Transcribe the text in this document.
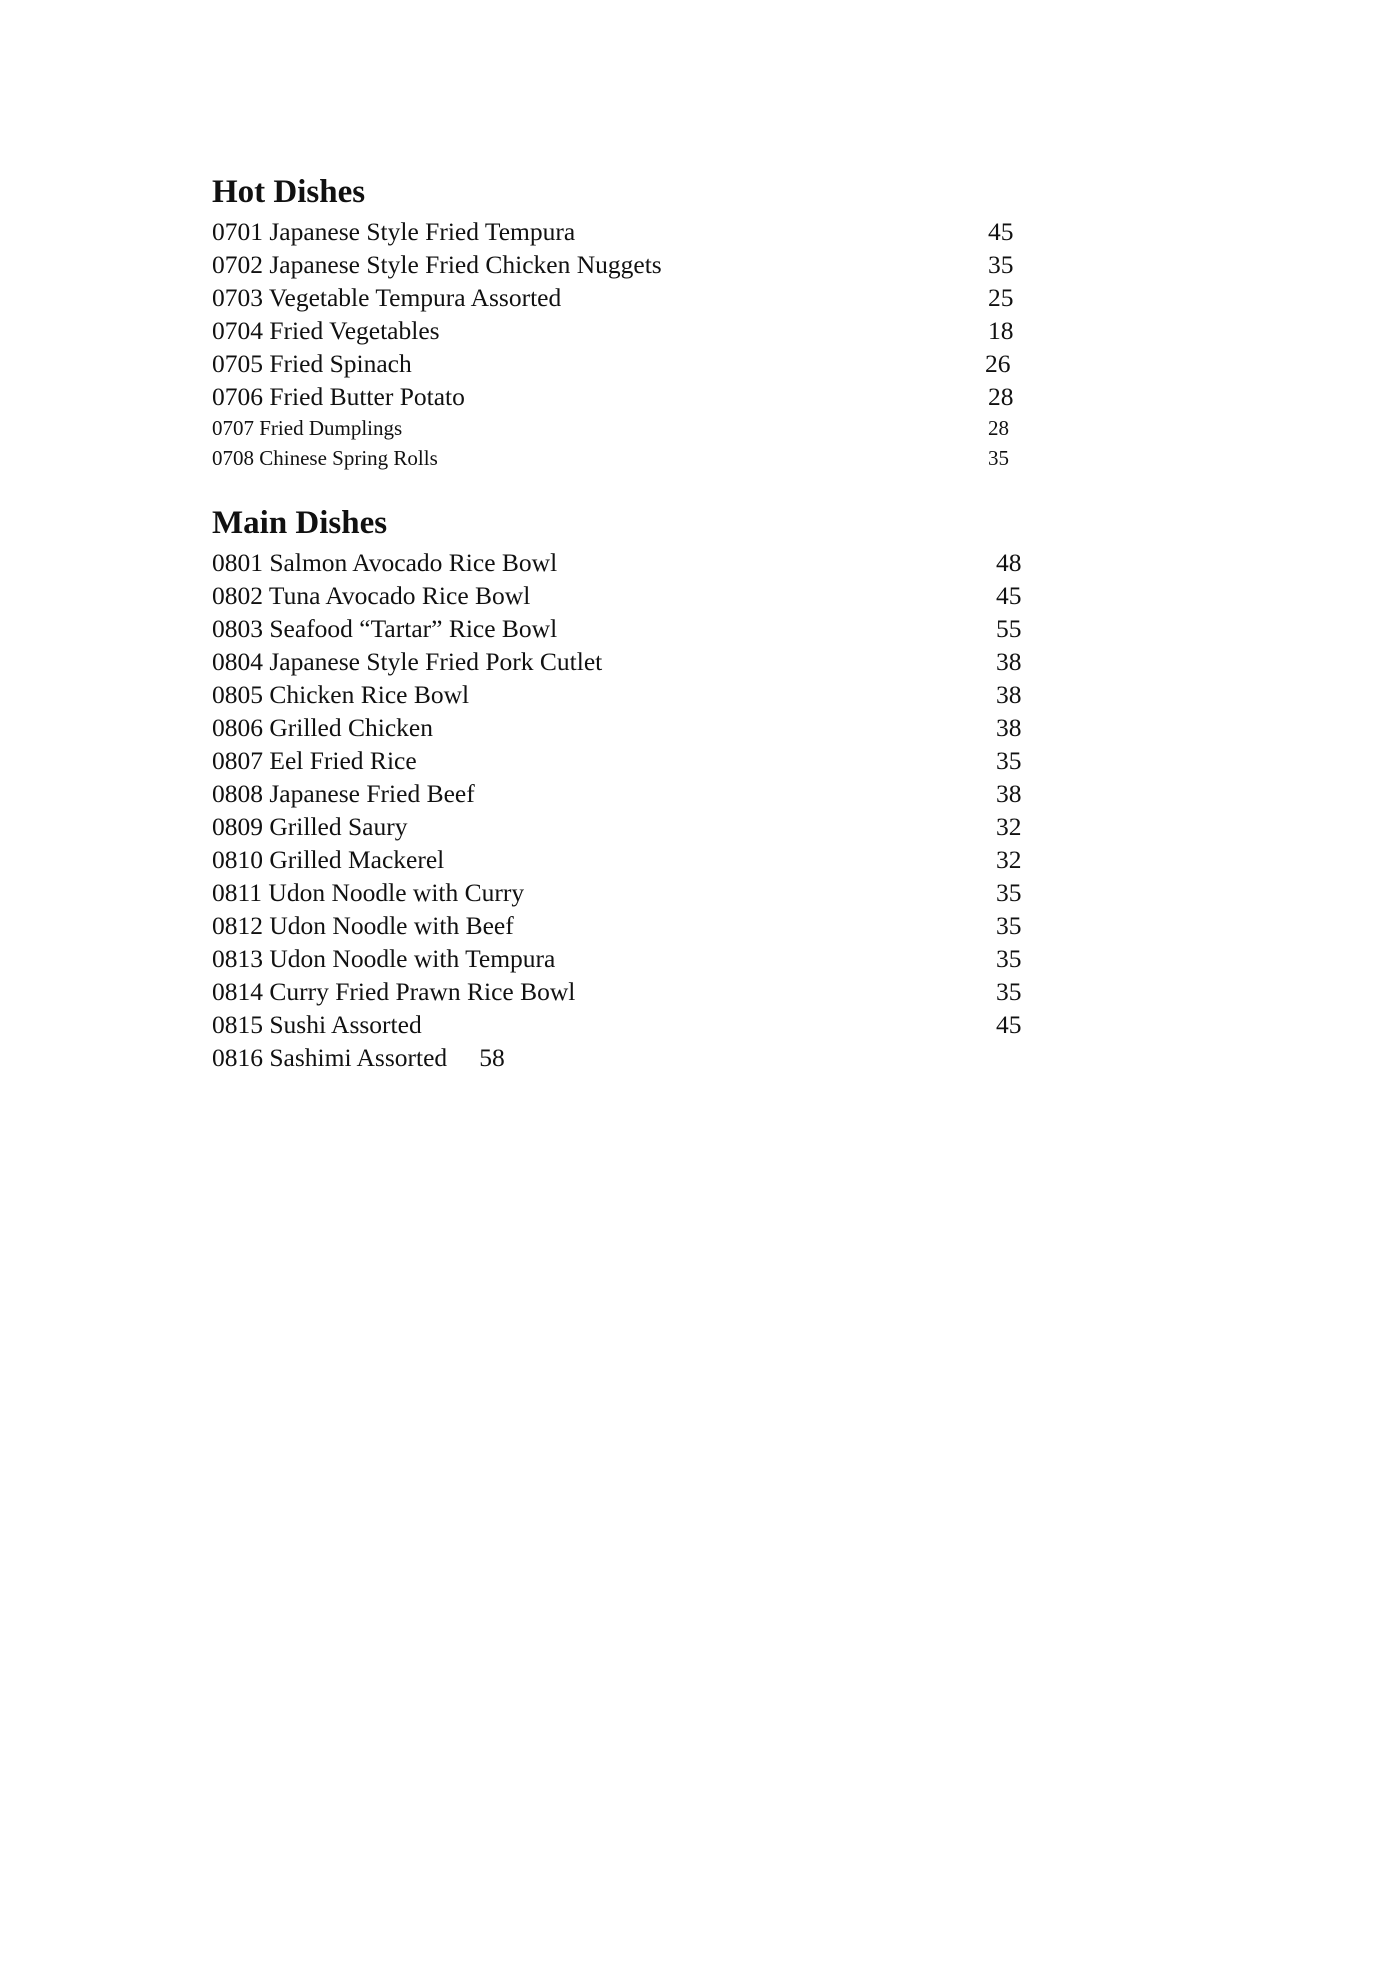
Hot Dishes
0701 Japanese Style Fried Tempura	45
0702 Japanese Style Fried Chicken Nuggets	35
0703 Vegetable Tempura Assorted	25
0704 Fried Vegetables	18
0705 Fried Spinach	26
0706 Fried Butter Potato	28
0707 Fried Dumplings	28
0708 Chinese Spring Rolls	35
Main Dishes
0801 Salmon Avocado Rice Bowl	48
0802 Tuna Avocado Rice Bowl	45
0803 Seafood “Tartar” Rice Bowl	55
0804 Japanese Style Fried Pork Cutlet	38
0805 Chicken Rice Bowl	38
0806 Grilled Chicken	38
0807 Eel Fried Rice	35
0808 Japanese Fried Beef	38
0809 Grilled Saury	32
0810 Grilled Mackerel	32
0811 Udon Noodle with Curry	35
0812 Udon Noodle with Beef	35
0813 Udon Noodle with Tempura	35
0814 Curry Fried Prawn Rice Bowl	35
0815 Sushi Assorted	45
0816 Sashimi Assorted 58
